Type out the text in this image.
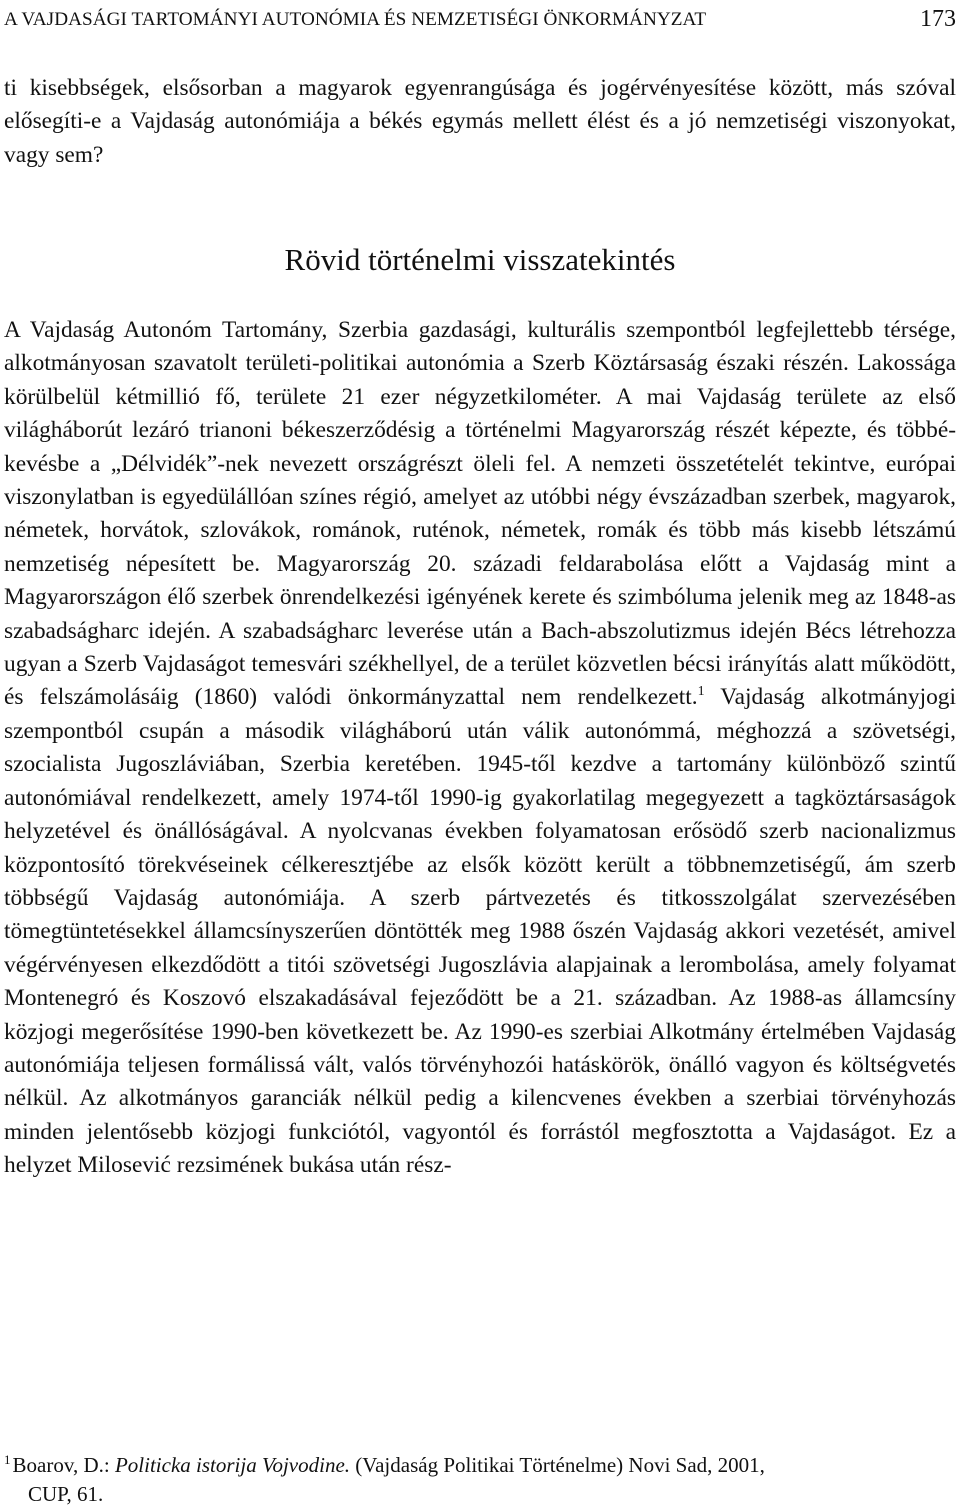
A VAJDASÁGI TARTOMÁNYI AUTONÓMIA ÉS NEMZETISÉGI ÖNKORMÁNYZAT	173

ti kisebbségek, elsősorban a magyarok egyenrangúsága és jogérvényesítése között, más szóval elősegíti-e a Vajdaság autonómiája a békés egymás mellett élést és a jó nemzetiségi viszonyokat, vagy sem?

Rövid történelmi visszatekintés

A Vajdaság Autonóm Tartomány, Szerbia gazdasági, kulturális szempontból legfejlettebb térsége, alkotmányosan szavatolt területi-politikai autonómia a Szerb Köztársaság északi részén. Lakossága körülbelül kétmillió fő, területe 21 ezer négyzetkilométer. A mai Vajdaság területe az első világháborút lezáró trianoni békeszerződésig a történelmi Magyarország részét képezte, és többé-kevésbe a „Délvidék”-nek nevezett országrészt öleli fel. A nemzeti összetételét tekintve, európai viszonylatban is egyedülállóan színes régió, amelyet az utóbbi négy évszázadban szerbek, magyarok, németek, horvátok, szlovákok, románok, ruténok, németek, romák és több más kisebb létszámú nemzetiség népesített be. Magyarország 20. századi feldarabolása előtt a Vajdaság mint a Magyarországon élő szerbek önrendelkezési igényének kerete és szimbóluma jelenik meg az 1848-as szabadságharc idején. A szabadságharc leverése után a Bach-abszolutizmus idején Bécs létrehozza ugyan a Szerb Vajdaságot temesvári székhellyel, de a terület közvetlen bécsi irányítás alatt működött, és felszámolásáig (1860) valódi önkormányzattal nem rendelkezett.$^1$ Vajdaság alkotmányjogi szempontból csupán a második világháború után válik autonómmá, méghozzá a szövetségi, szocialista Jugoszláviában, Szerbia keretében. 1945-től kezdve a tartomány különböző szintű autonómiával rendelkezett, amely 1974-től 1990-ig gyakorlatilag megegyezett a tagköztársaságok helyzetével és önállóságával. A nyolcvanas években folyamatosan erősödő szerb nacionalizmus központosító törekvéseinek célkeresztjébe az elsők között került a többnemzetiségű, ám szerb többségű Vajdaság autonómiája. A szerb pártvezetés és titkosszolgálat szervezésében tömegtüntetésekkel államcsínyszerűen döntötték meg 1988 őszén Vajdaság akkori vezetését, amivel végérvényesen elkezdődött a titói szövetségi Jugoszlávia alapjainak a lerombolása, amely folyamat Montenegró és Koszovó elszakadásával fejeződött be a 21. században. Az 1988-as államcsíny közjogi megerősítése 1990-ben következett be. Az 1990-es szerbiai Alkotmány értelmében Vajdaság autonómiája teljesen formálissá vált, valós törvényhozói hatáskörök, önálló vagyon és költségvetés nélkül. Az alkotmányos garanciák nélkül pedig a kilencvenes években a szerbiai törvényhozás minden jelentősebb közjogi funkciótól, vagyontól és forrástól megfosztotta a Vajdaságot. Ez a helyzet Milosević rezsimének bukása után rész-

$^1$Boarov, D.: Politicka istorija Vojvodine. (Vajdaság Politikai Történelme) Novi Sad, 2001,
CUP, 61.
